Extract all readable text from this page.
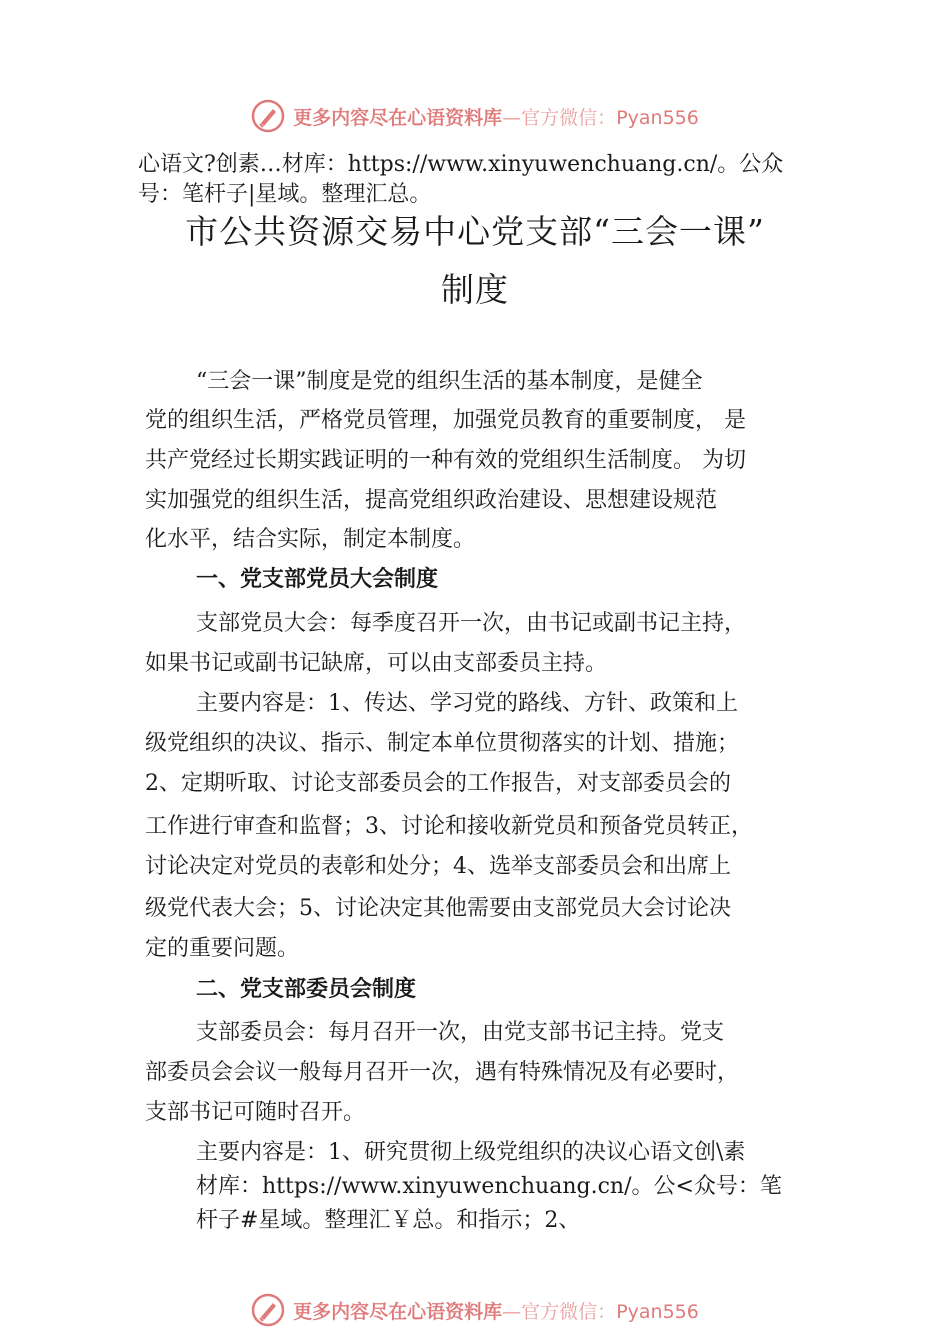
更多内容尽在心语资料库—官方微信：Pyan556
心语文?创素…材库：https://www.xinyuwenchuang.cn/。公众
号：笔杆子|星域。整理汇总。
市公共资源交易中心党支部“三会一课”
制度
“三会一课”制度是党的组织生活的基本制度，是健全
党的组织生活，严格党员管理，加强党员教育的重要制度， 是
共产党经过长期实践证明的一种有效的党组织生活制度。 为切
实加强党的组织生活，提高党组织政治建设、思想建设规范
化水平，结合实际，制定本制度。
一、党支部党员大会制度
支部党员大会：每季度召开一次，由书记或副书记主持，
如果书记或副书记缺席，可以由支部委员主持。
主要内容是：1、传达、学习党的路线、方针、政策和上
级党组织的决议、指示、制定本单位贯彻落实的计划、措施；
2、定期听取、讨论支部委员会的工作报告，对支部委员会的
工作进行审查和监督；3、讨论和接收新党员和预备党员转正，
讨论决定对党员的表彰和处分；4、选举支部委员会和出席上
级党代表大会；5、讨论决定其他需要由支部党员大会讨论决
定的重要问题。
二、党支部委员会制度
支部委员会：每月召开一次，由党支部书记主持。党支
部委员会会议一般每月召开一次，遇有特殊情况及有必要时，
支部书记可随时召开。
主要内容是：1、研究贯彻上级党组织的决议心语文创\素
材库：https://www.xinyuwenchuang.cn/。公<众号：笔
杆子#星域。整理汇￥总。和指示；2、
更多内容尽在心语资料库—官方微信：Pyan556
